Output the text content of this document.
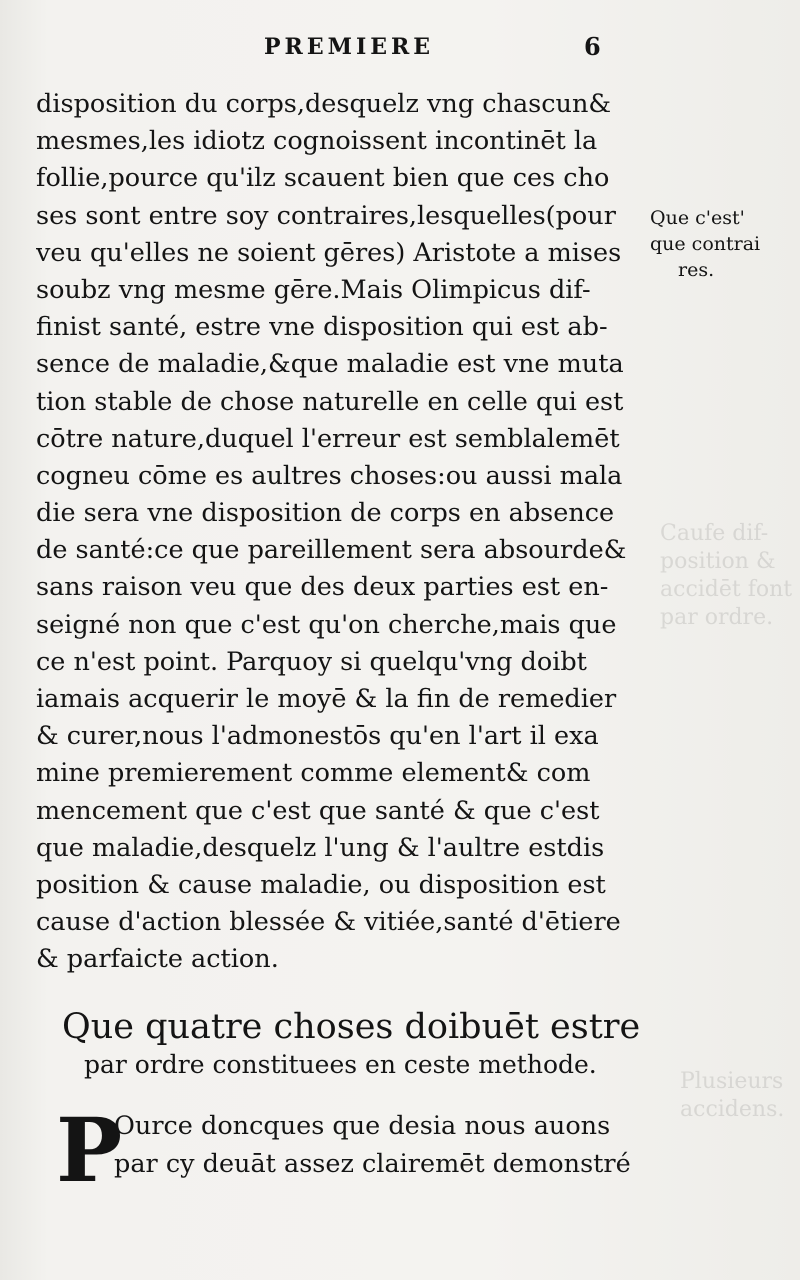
Caufe dif-
position &
accidēt font
par ordre.
Plusieurs
accidens.
PREMIERE	6
disposition du corps,desquelz vng chascun&
mesmes,les idiotz cognoissent incontinēt la
follie,pource qu'ilz scauent bien que ces cho
ses sont entre soy contraires,lesquelles(pour
veu qu'elles ne soient gēres) Aristote a mises
soubz vng mesme gēre.Mais Olimpicus dif-
finist santé, estre vne disposition qui est ab-
sence de maladie,&que maladie est vne muta
tion stable de chose naturelle en celle qui est
cōtre nature,duquel l'erreur est semblalemēt
cogneu cōme es aultres choses:ou aussi mala
die sera vne disposition de corps en absence
de santé:ce que pareillement sera absourde&
sans raison veu que des deux parties est en-
seigné non que c'est qu'on cherche,mais que
ce n'est point. Parquoy si quelqu'vng doibt
iamais acquerir le moyē & la fin de remedier
& curer,nous l'admonestōs qu'en l'art il exa
mine premierement comme element& com
mencement que c'est que santé & que c'est
que maladie,desquelz l'ung & l'aultre estdis
position & cause maladie, ou disposition est
cause d'action blessée & vitiée,santé d'ētiere
& parfaicte action.
Que c'est'
que contrai
res.
Que quatre choses doibuēt estre
par ordre constituees en ceste methode.
P
Ource doncques que desia nous auons
par cy deuāt assez clairemēt demonstré
